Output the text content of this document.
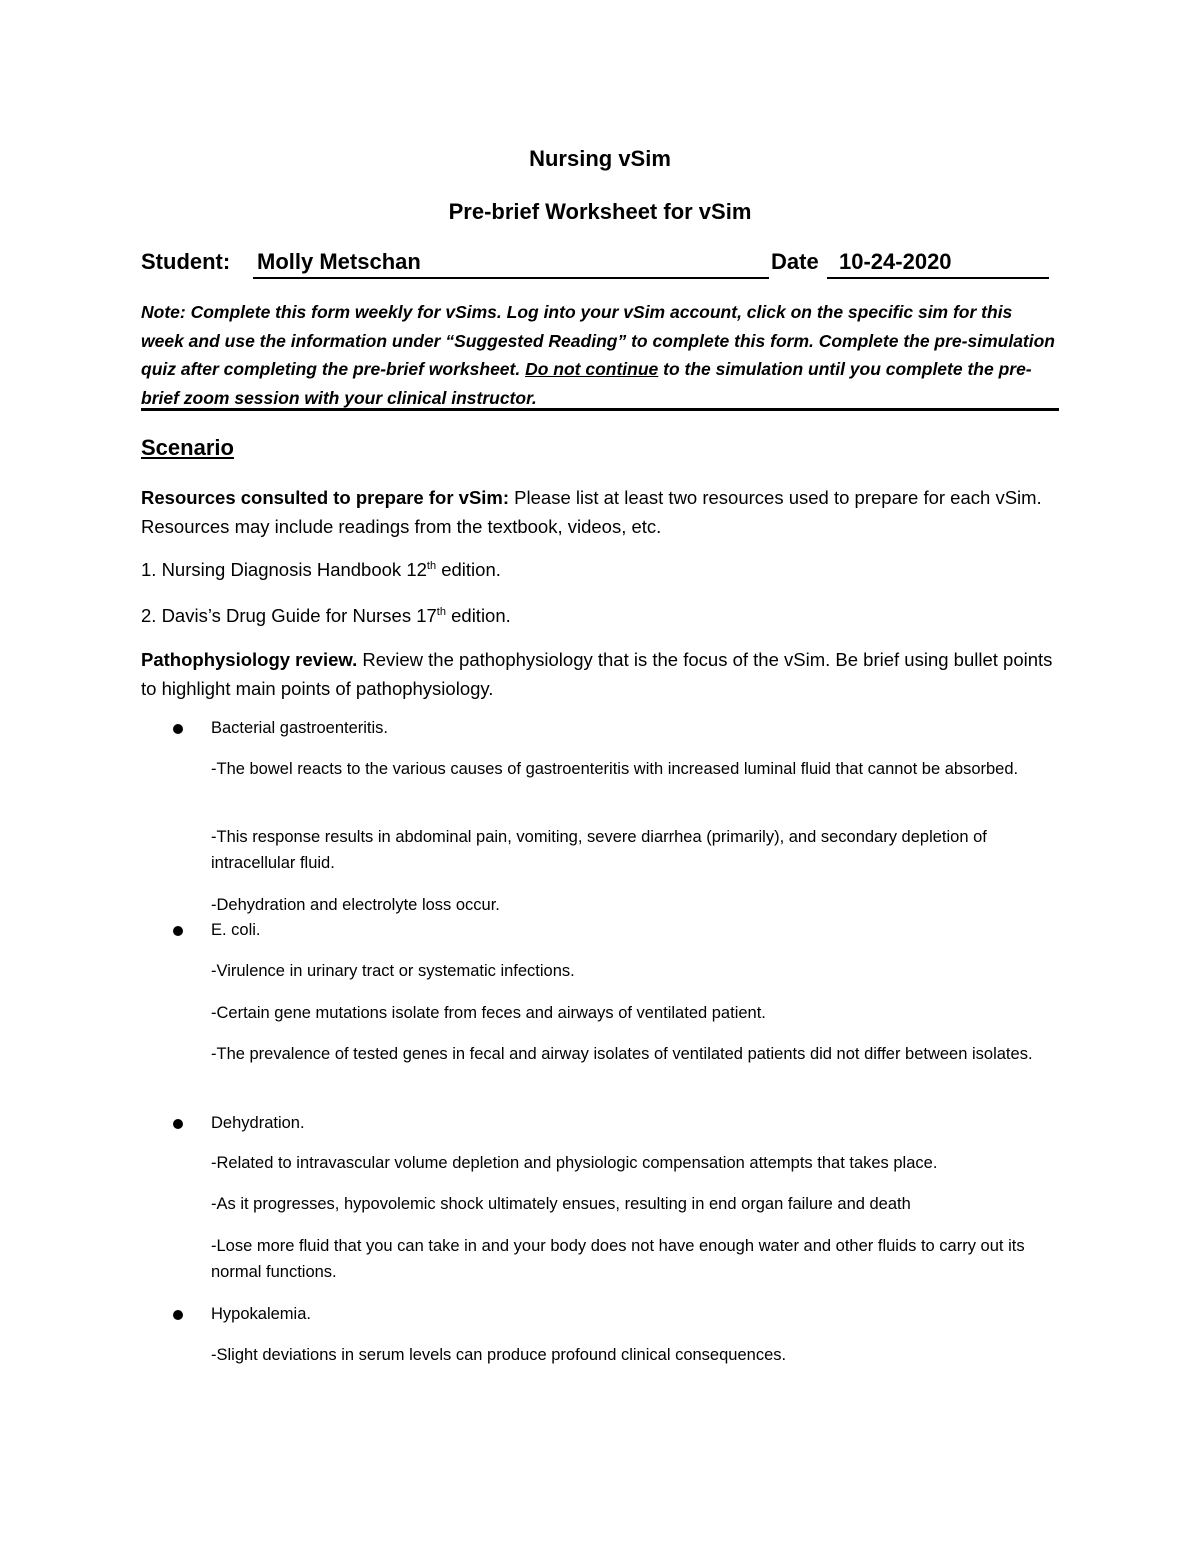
Nursing vSim
Pre-brief Worksheet for vSim
Student: Molly Metschan	Date 10-24-2020
Note: Complete this form weekly for vSims. Log into your vSim account, click on the specific sim for this week and use the information under “Suggested Reading” to complete this form. Complete the pre-simulation quiz after completing the pre-brief worksheet. Do not continue to the simulation until you complete the pre-brief zoom session with your clinical instructor.
Scenario
Resources consulted to prepare for vSim: Please list at least two resources used to prepare for each vSim. Resources may include readings from the textbook, videos, etc.
1. Nursing Diagnosis Handbook 12th edition.
2. Davis’s Drug Guide for Nurses 17th edition.
Pathophysiology review. Review the pathophysiology that is the focus of the vSim. Be brief using bullet points to highlight main points of pathophysiology.
Bacterial gastroenteritis.
-The bowel reacts to the various causes of gastroenteritis with increased luminal fluid that cannot be absorbed.
-This response results in abdominal pain, vomiting, severe diarrhea (primarily), and secondary depletion of intracellular fluid.
-Dehydration and electrolyte loss occur.
E. coli.
-Virulence in urinary tract or systematic infections.
-Certain gene mutations isolate from feces and airways of ventilated patient.
-The prevalence of tested genes in fecal and airway isolates of ventilated patients did not differ between isolates.
Dehydration.
-Related to intravascular volume depletion and physiologic compensation attempts that takes place.
-As it progresses, hypovolemic shock ultimately ensues, resulting in end organ failure and death
-Lose more fluid that you can take in and your body does not have enough water and other fluids to carry out its normal functions.
Hypokalemia.
-Slight deviations in serum levels can produce profound clinical consequences.
